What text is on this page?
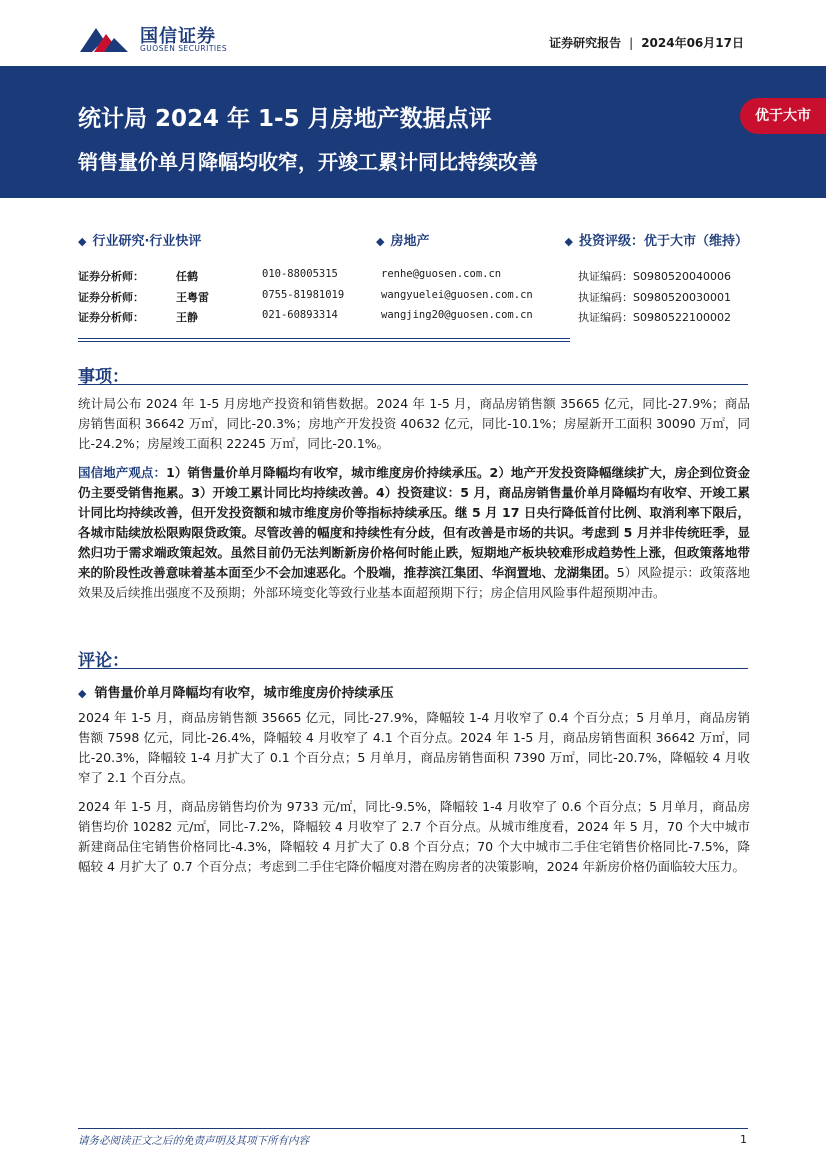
国信证券
GUOSEN SECURITIES	证券研究报告 | 2024年06月17日
统计局 2024 年 1-5 月房地产数据点评
销售量价单月降幅均收窄，开竣工累计同比持续改善
优于大市
◆ 行业研究·行业快评	◆ 房地产	◆ 投资评级：优于大市（维持）
证券分析师：	任鹤	010-88005315	renhe@guosen.com.cn	执证编码：S0980520040006
证券分析师：	王粤雷	0755-81981019	wangyuelei@guosen.com.cn	执证编码：S0980520030001
证券分析师：	王静	021-60893314	wangjing20@guosen.com.cn	执证编码：S0980522100002
事项：
统计局公布 2024 年 1-5 月房地产投资和销售数据。2024 年 1-5 月，商品房销售额 35665 亿元，同比-27.9%；商品房销售面积 36642 万㎡，同比-20.3%；房地产开发投资 40632 亿元，同比-10.1%；房屋新开工面积 30090 万㎡，同比-24.2%；房屋竣工面积 22245 万㎡，同比-20.1%。
国信地产观点：1）销售量价单月降幅均有收窄，城市维度房价持续承压。2）地产开发投资降幅继续扩大，房企到位资金仍主要受销售拖累。3）开竣工累计同比均持续改善。4）投资建议：5 月，商品房销售量价单月降幅均有收窄、开竣工累计同比均持续改善，但开发投资额和城市维度房价等指标持续承压。继 5 月 17 日央行降低首付比例、取消利率下限后，各城市陆续放松限购限贷政策。尽管改善的幅度和持续性有分歧，但有改善是市场的共识。考虑到 5 月并非传统旺季，显然归功于需求端政策起效。虽然目前仍无法判断新房价格何时能止跌，短期地产板块较难形成趋势性上涨，但政策落地带来的阶段性改善意味着基本面至少不会加速恶化。个股端，推荐滨江集团、华润置地、龙湖集团。5）风险提示：政策落地效果及后续推出强度不及预期；外部环境变化等致行业基本面超预期下行；房企信用风险事件超预期冲击。
评论：
◆ 销售量价单月降幅均有收窄，城市维度房价持续承压
2024 年 1-5 月，商品房销售额 35665 亿元，同比-27.9%，降幅较 1-4 月收窄了 0.4 个百分点；5 月单月，商品房销售额 7598 亿元，同比-26.4%，降幅较 4 月收窄了 4.1 个百分点。2024 年 1-5 月，商品房销售面积 36642 万㎡，同比-20.3%，降幅较 1-4 月扩大了 0.1 个百分点；5 月单月，商品房销售面积 7390 万㎡，同比-20.7%，降幅较 4 月收窄了 2.1 个百分点。
2024 年 1-5 月，商品房销售均价为 9733 元/㎡，同比-9.5%，降幅较 1-4 月收窄了 0.6 个百分点；5 月单月，商品房销售均价 10282 元/㎡，同比-7.2%，降幅较 4 月收窄了 2.7 个百分点。从城市维度看，2024 年 5 月，70 个大中城市新建商品住宅销售价格同比-4.3%，降幅较 4 月扩大了 0.8 个百分点；70 个大中城市二手住宅销售价格同比-7.5%，降幅较 4 月扩大了 0.7 个百分点；考虑到二手住宅降价幅度对潜在购房者的决策影响，2024 年新房价格仍面临较大压力。
请务必阅读正文之后的免责声明及其项下所有内容	1
